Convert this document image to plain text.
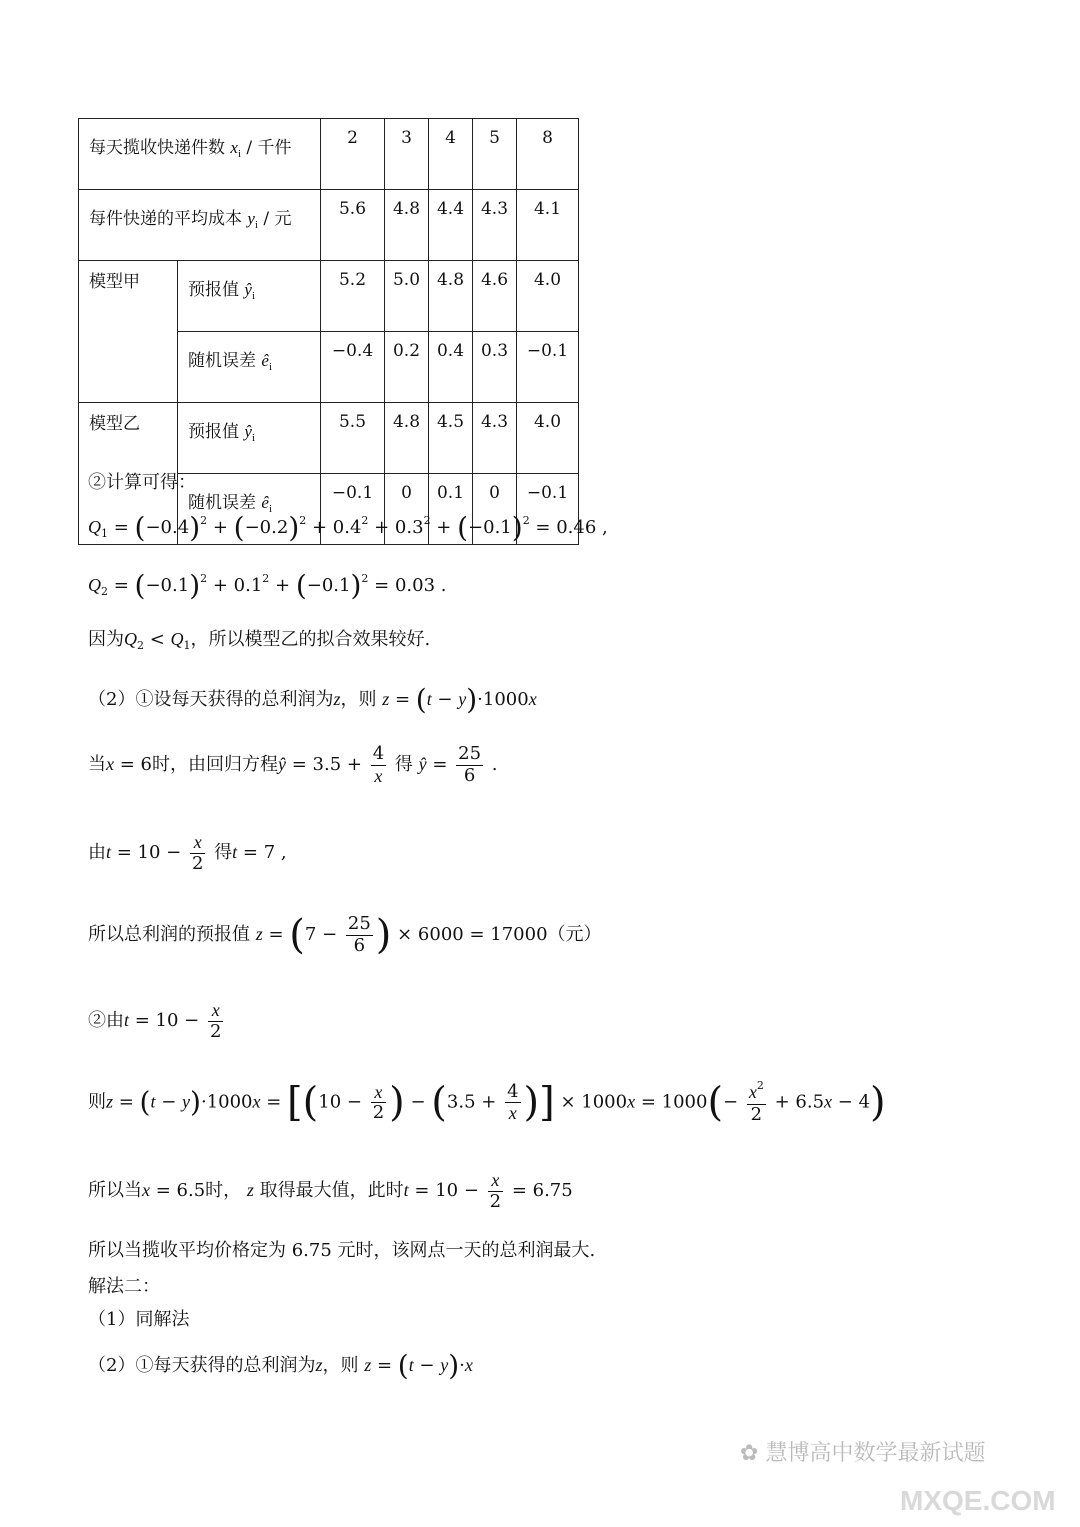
每天揽收快递件数 $x_i$ / 千件		2	3	4	5	8
每件快递的平均成本 $y_i$ / 元		5.6	4.8	4.4	4.3	4.1
模型甲	预报值 $ŷ_i$	5.2	5.0	4.8	4.6	4.0
	随机误差 $ê_i$	−0.4	0.2	0.4	0.3	−0.1
模型乙	预报值 $ŷ_i$	5.5	4.8	4.5	4.3	4.0
	随机误差 $ê_i$	−0.1	0	0.1	0	−0.1
②计算可得：
$Q_1 = (-0.4)^2 + (-0.2)^2 + 0.4^2 + 0.3^2 + (-0.1)^2 = 0.46$ ,
$Q_2 = (-0.1)^2 + 0.1^2 + (-0.1)^2 = 0.03$ .
因为$Q_2 < Q_1$，所以模型乙的拟合效果较好.
（2）①设每天获得的总利润为z，则 z = (t − y)·1000x
当x = 6时，由回归方程ŷ = $3.5 + \frac{4}{x}$ 得 ŷ = $\frac{25}{6}$ .
由$t = 10 - \frac{x}{2}$ 得t = 7 ,
所以总利润的预报值 $z = (7 - \frac{25}{6}$ ) × 6000 = 17000（元）
②由$t = 10 - \frac{x}{2}$
则$z = (t - y)\cdot 1000x = [(10 - \frac{x}{2}$ ) − ($3.5 + \frac{4}{x}$ )] × $1000x = 1000(- \frac{x^2}{2} + 6.5x - 4)$
所以当x = 6.5时， z 取得最大值，此时$t = 10 - \frac{x}{2} = 6.75$
所以当揽收平均价格定为 6.75 元时，该网点一天的总利润最大.
解法二：
（1）同解法
（2）①每天获得的总利润为z，则 z = (t − y)·x
✿ 慧博高中数学最新试题
MXQE.COM
